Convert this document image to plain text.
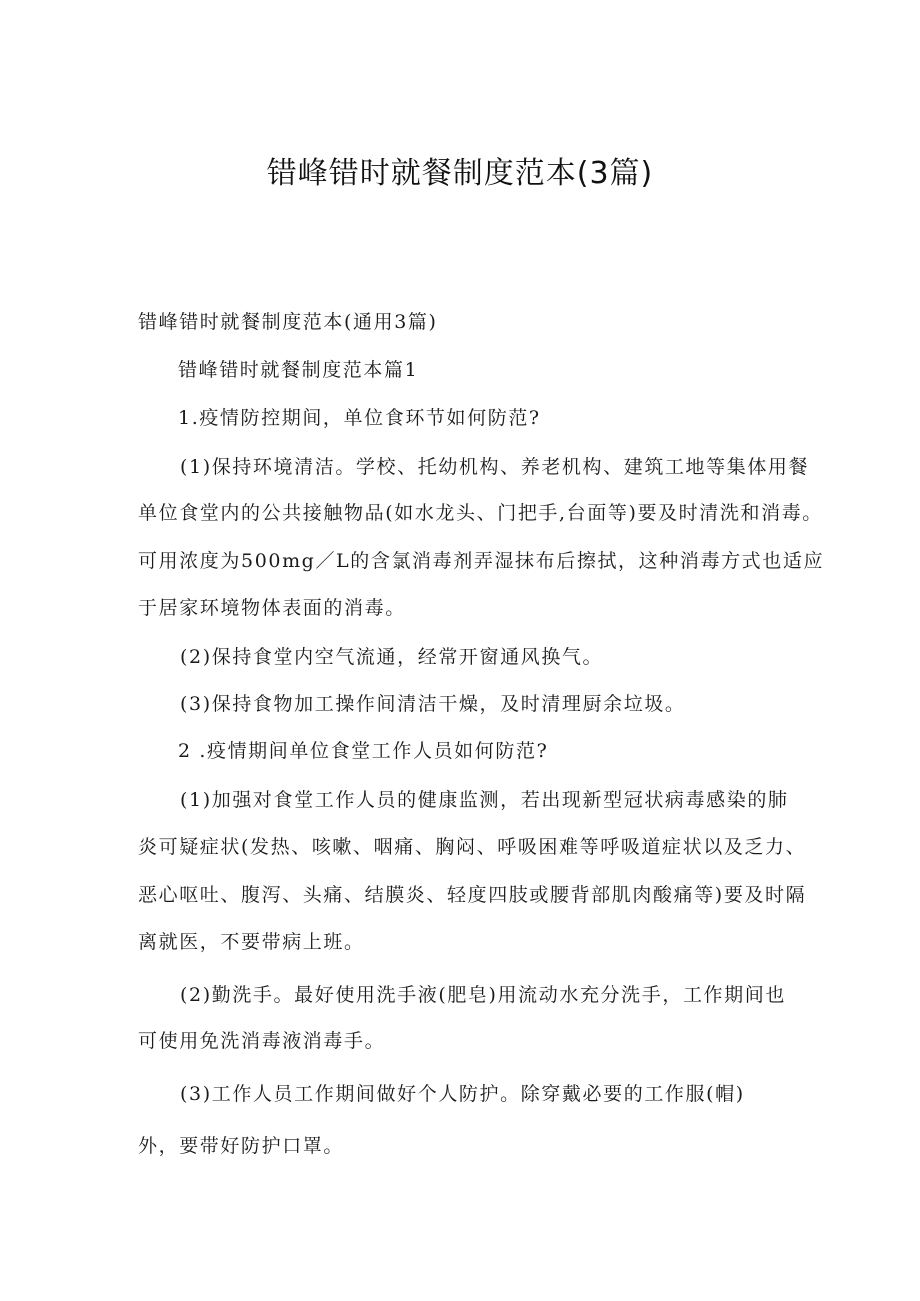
错峰错时就餐制度范本(3篇)
错峰错时就餐制度范本(通用3篇)
错峰错时就餐制度范本篇1
1.疫情防控期间，单位食环节如何防范?
(1)保持环境清洁。学校、托幼机构、养老机构、建筑工地等集体用餐
单位食堂内的公共接触物品(如水龙头、门把手,台面等)要及时清洗和消毒。
可用浓度为500mg／L的含氯消毒剂弄湿抹布后擦拭，这种消毒方式也适应
于居家环境物体表面的消毒。
(2)保持食堂内空气流通，经常开窗通风换气。
(3)保持食物加工操作间清洁干燥，及时清理厨余垃圾。
2 .疫情期间单位食堂工作人员如何防范?
(1)加强对食堂工作人员的健康监测，若出现新型冠状病毒感染的肺
炎可疑症状(发热、咳嗽、咽痛、胸闷、呼吸困难等呼吸道症状以及乏力、
恶心呕吐、腹泻、头痛、结膜炎、轻度四肢或腰背部肌肉酸痛等)要及时隔
离就医，不要带病上班。
(2)勤洗手。最好使用洗手液(肥皂)用流动水充分洗手，工作期间也
可使用免洗消毒液消毒手。
(3)工作人员工作期间做好个人防护。除穿戴必要的工作服(帽)
外，要带好防护口罩。
